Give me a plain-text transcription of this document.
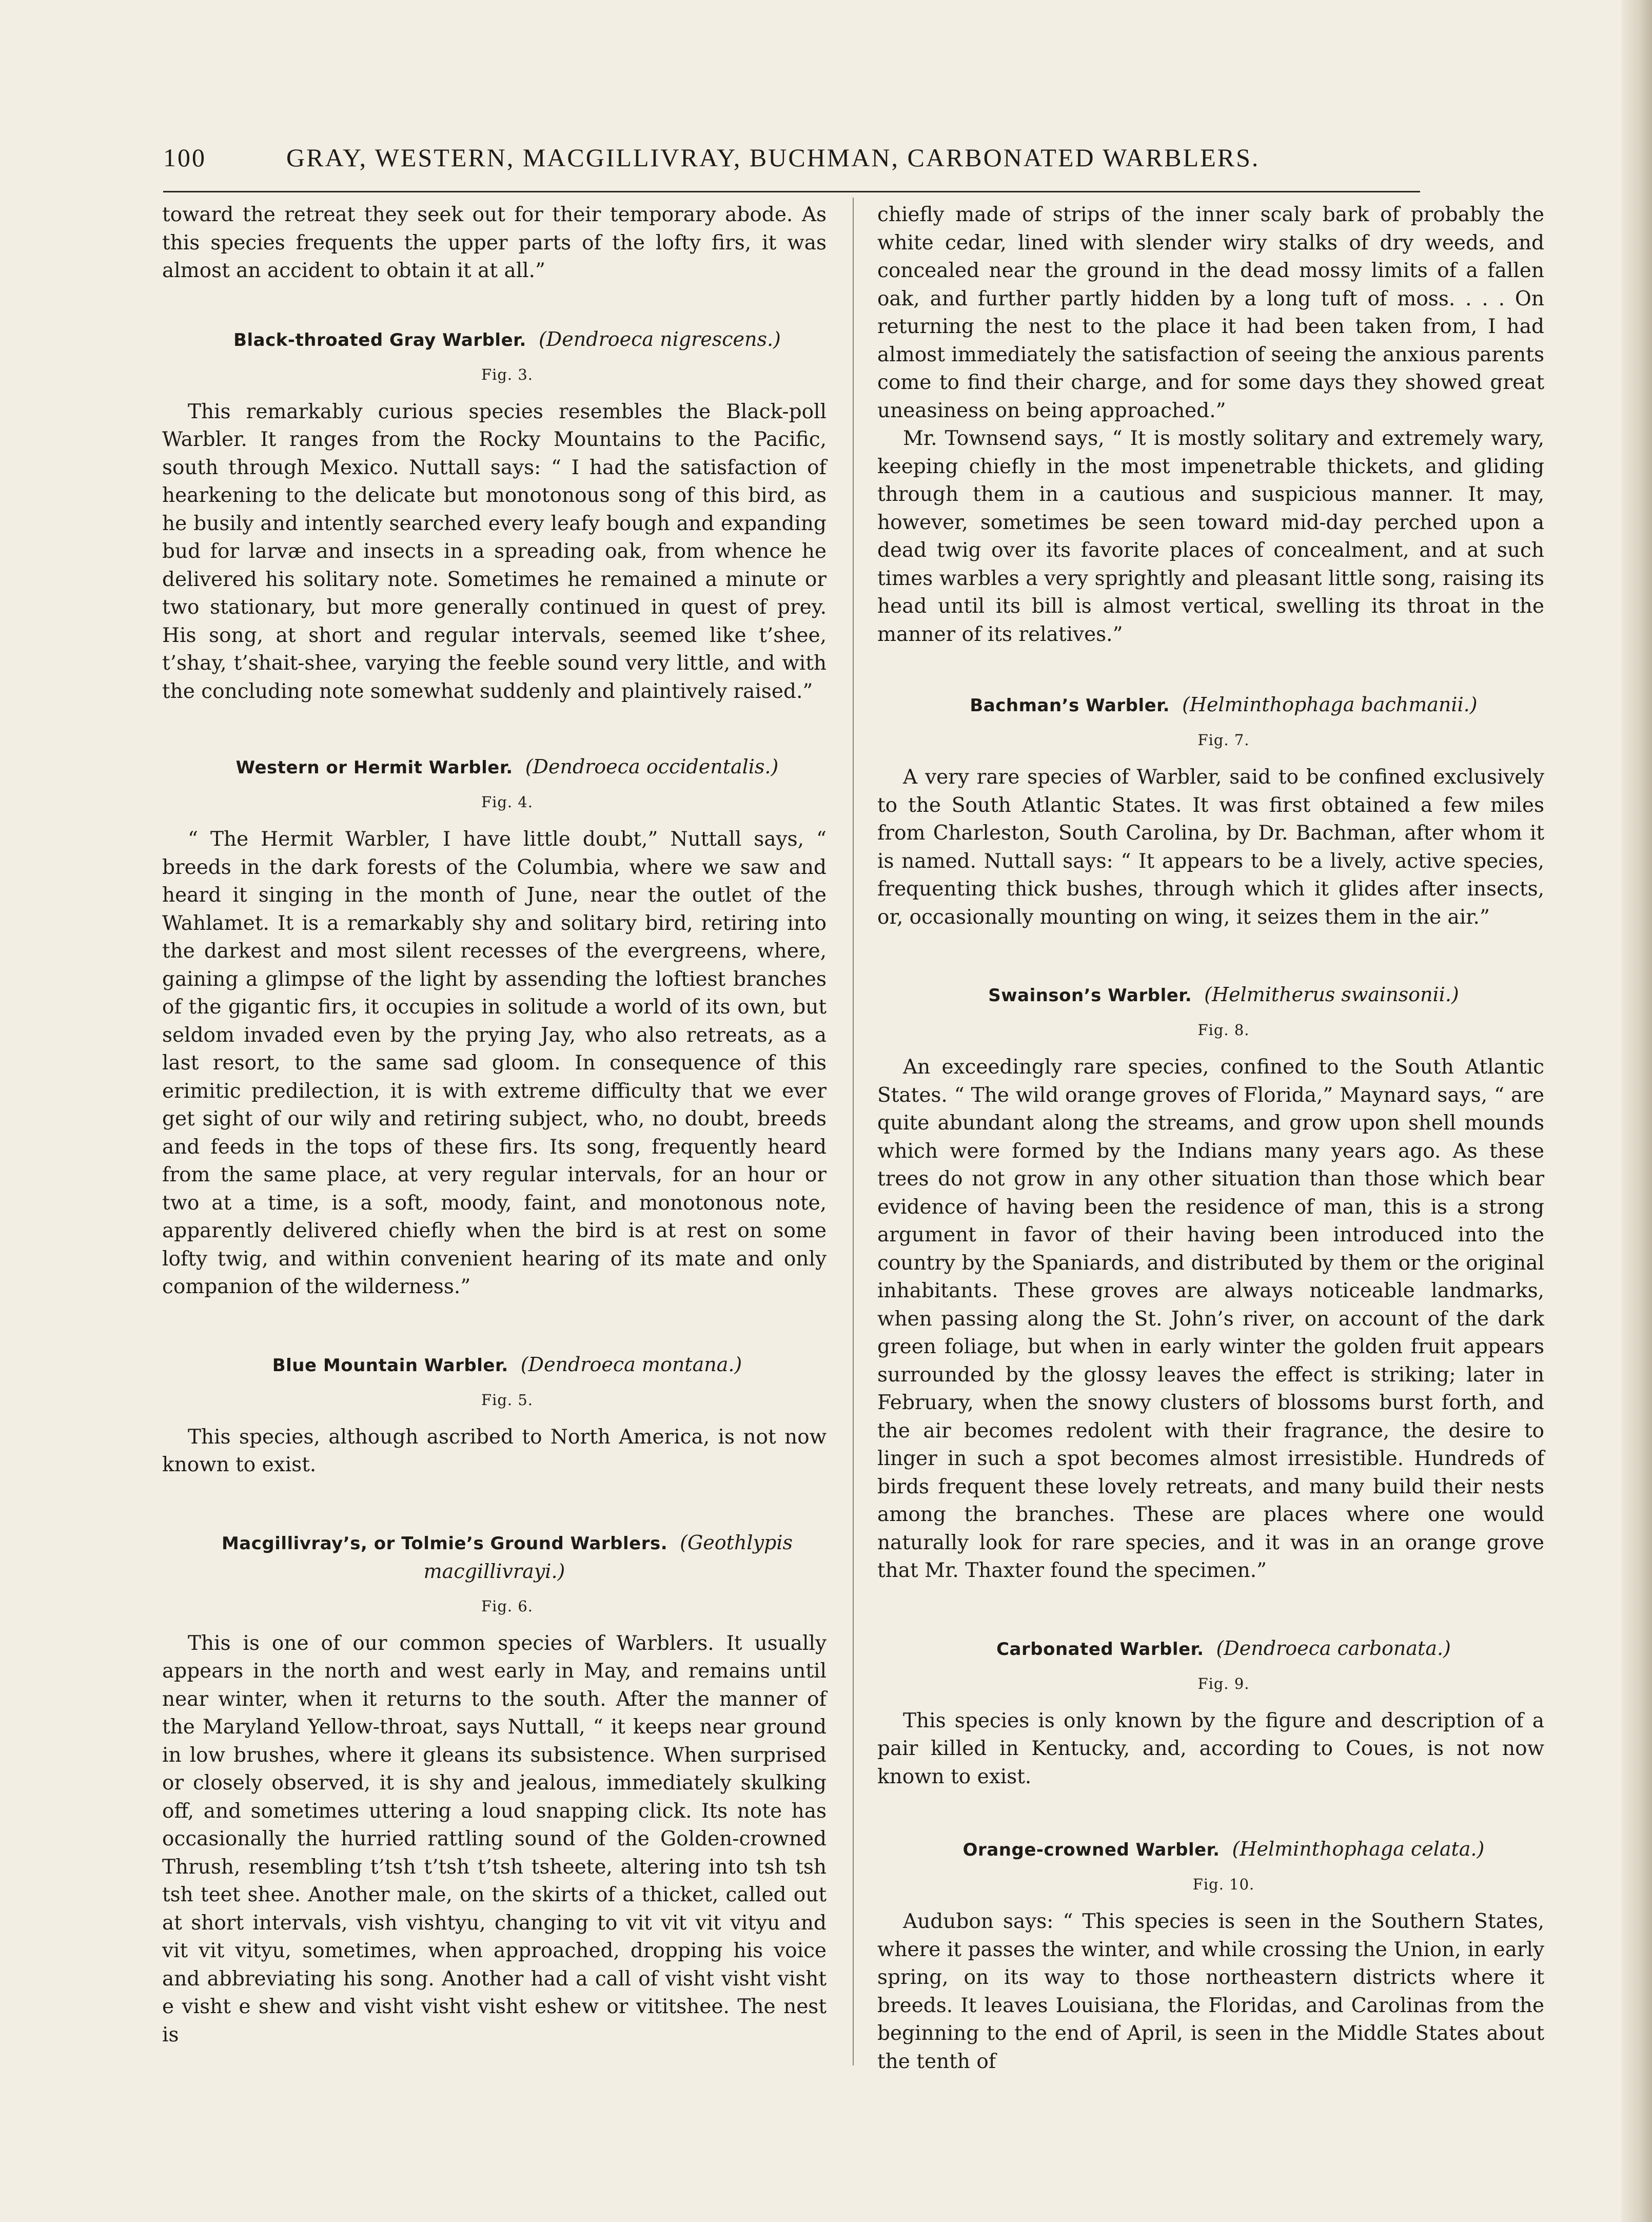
100	GRAY, WESTERN, MACGILLIVRAY, BUCHMAN, CARBONATED WARBLERS.

toward the retreat they seek out for their temporary abode. As this species frequents the upper parts of the lofty firs, it was almost an accident to obtain it at all.”

Black-throated Gray Warbler. (Dendroeca nigrescens.)

Fig. 3.

This remarkably curious species resembles the Black-poll Warbler. It ranges from the Rocky Mountains to the Pacific, south through Mexico. Nuttall says: “ I had the satisfaction of hearkening to the delicate but monotonous song of this bird, as he busily and intently searched every leafy bough and expanding bud for larvæ and insects in a spreading oak, from whence he delivered his solitary note. Sometimes he remained a minute or two stationary, but more generally continued in quest of prey. His song, at short and regular intervals, seemed like t’shee, t’shay, t’shait-shee, varying the feeble sound very little, and with the concluding note somewhat suddenly and plaintively raised.”

Western or Hermit Warbler. (Dendroeca occidentalis.)

Fig. 4.

“ The Hermit Warbler, I have little doubt,” Nuttall says, “ breeds in the dark forests of the Columbia, where we saw and heard it singing in the month of June, near the outlet of the Wahlamet. It is a remarkably shy and solitary bird, retiring into the darkest and most silent recesses of the evergreens, where, gaining a glimpse of the light by assending the loftiest branches of the gigantic firs, it occupies in solitude a world of its own, but seldom invaded even by the prying Jay, who also retreats, as a last resort, to the same sad gloom. In consequence of this erimitic predilection, it is with extreme difficulty that we ever get sight of our wily and retiring subject, who, no doubt, breeds and feeds in the tops of these firs. Its song, frequently heard from the same place, at very regular intervals, for an hour or two at a time, is a soft, moody, faint, and monotonous note, apparently delivered chiefly when the bird is at rest on some lofty twig, and within convenient hearing of its mate and only companion of the wilderness.”

Blue Mountain Warbler. (Dendroeca montana.)

Fig. 5.

This species, although ascribed to North America, is not now known to exist.

Macgillivray’s, or Tolmie’s Ground Warblers. (Geothlypis macgillivrayi.)

Fig. 6.

This is one of our common species of Warblers. It usually appears in the north and west early in May, and remains until near winter, when it returns to the south. After the manner of the Maryland Yellow-throat, says Nuttall, “ it keeps near ground in low brushes, where it gleans its subsistence. When surprised or closely observed, it is shy and jealous, immediately skulking off, and sometimes uttering a loud snapping click. Its note has occasionally the hurried rattling sound of the Golden-crowned Thrush, resembling t’tsh t’tsh t’tsh tsheete, altering into tsh tsh tsh teet shee. Another male, on the skirts of a thicket, called out at short intervals, vish vishtyu, changing to vit vit vit vityu and vit vit vityu, sometimes, when approached, dropping his voice and abbreviating his song. Another had a call of visht visht visht e visht e shew and visht visht visht eshew or vititshee. The nest is

chiefly made of strips of the inner scaly bark of probably the white cedar, lined with slender wiry stalks of dry weeds, and concealed near the ground in the dead mossy limits of a fallen oak, and further partly hidden by a long tuft of moss. . . . On returning the nest to the place it had been taken from, I had almost immediately the satisfaction of seeing the anxious parents come to find their charge, and for some days they showed great uneasiness on being approached.”

Mr. Townsend says, “ It is mostly solitary and extremely wary, keeping chiefly in the most impenetrable thickets, and gliding through them in a cautious and suspicious manner. It may, however, sometimes be seen toward mid-day perched upon a dead twig over its favorite places of concealment, and at such times warbles a very sprightly and pleasant little song, raising its head until its bill is almost vertical, swelling its throat in the manner of its relatives.”

Bachman’s Warbler. (Helminthophaga bachmanii.)

Fig. 7.

A very rare species of Warbler, said to be confined exclusively to the South Atlantic States. It was first obtained a few miles from Charleston, South Carolina, by Dr. Bachman, after whom it is named. Nuttall says: “ It appears to be a lively, active species, frequenting thick bushes, through which it glides after insects, or, occasionally mounting on wing, it seizes them in the air.”

Swainson’s Warbler. (Helmitherus swainsonii.)

Fig. 8.

An exceedingly rare species, confined to the South Atlantic States. “ The wild orange groves of Florida,” Maynard says, “ are quite abundant along the streams, and grow upon shell mounds which were formed by the Indians many years ago. As these trees do not grow in any other situation than those which bear evidence of having been the residence of man, this is a strong argument in favor of their having been introduced into the country by the Spaniards, and distributed by them or the original inhabitants. These groves are always noticeable landmarks, when passing along the St. John’s river, on account of the dark green foliage, but when in early winter the golden fruit appears surrounded by the glossy leaves the effect is striking; later in February, when the snowy clusters of blossoms burst forth, and the air becomes redolent with their fragrance, the desire to linger in such a spot becomes almost irresistible. Hundreds of birds frequent these lovely retreats, and many build their nests among the branches. These are places where one would naturally look for rare species, and it was in an orange grove that Mr. Thaxter found the specimen.”

Carbonated Warbler. (Dendroeca carbonata.)

Fig. 9.

This species is only known by the figure and description of a pair killed in Kentucky, and, according to Coues, is not now known to exist.

Orange-crowned Warbler. (Helminthophaga celata.)

Fig. 10.

Audubon says: “ This species is seen in the Southern States, where it passes the winter, and while crossing the Union, in early spring, on its way to those northeastern districts where it breeds. It leaves Louisiana, the Floridas, and Carolinas from the beginning to the end of April, is seen in the Middle States about the tenth of
